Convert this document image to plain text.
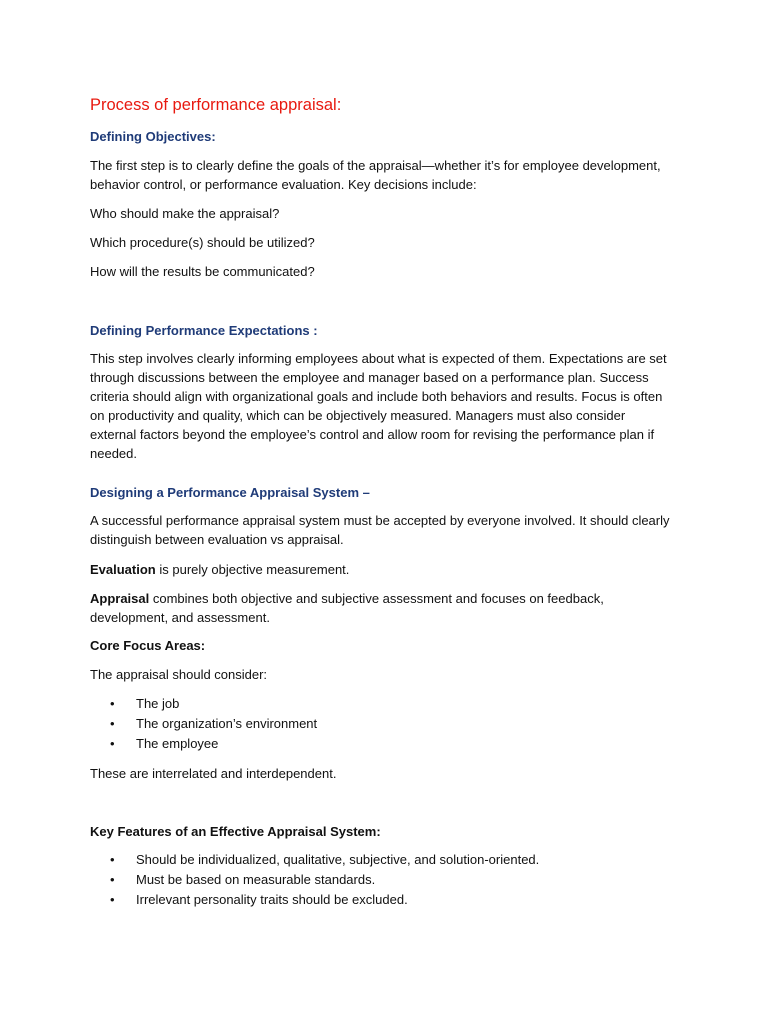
Process of performance appraisal:
Defining Objectives:

The first step is to clearly define the goals of the appraisal—whether it’s for employee development, behavior control, or performance evaluation. Key decisions include:

Who should make the appraisal?

Which procedure(s) should be utilized?

How will the results be communicated?

Defining Performance Expectations :

This step involves clearly informing employees about what is expected of them. Expectations are set through discussions between the employee and manager based on a performance plan. Success criteria should align with organizational goals and include both behaviors and results. Focus is often on productivity and quality, which can be objectively measured. Managers must also consider external factors beyond the employee’s control and allow room for revising the performance plan if needed.

Designing a Performance Appraisal System –

A successful performance appraisal system must be accepted by everyone involved. It should clearly distinguish between evaluation vs appraisal.

Evaluation is purely objective measurement.

Appraisal combines both objective and subjective assessment and focuses on feedback, development, and assessment.

Core Focus Areas:

The appraisal should consider:

• The job
• The organization’s environment
• The employee

These are interrelated and interdependent.

Key Features of an Effective Appraisal System:

• Should be individualized, qualitative, subjective, and solution-oriented.
• Must be based on measurable standards.
• Irrelevant personality traits should be excluded.
